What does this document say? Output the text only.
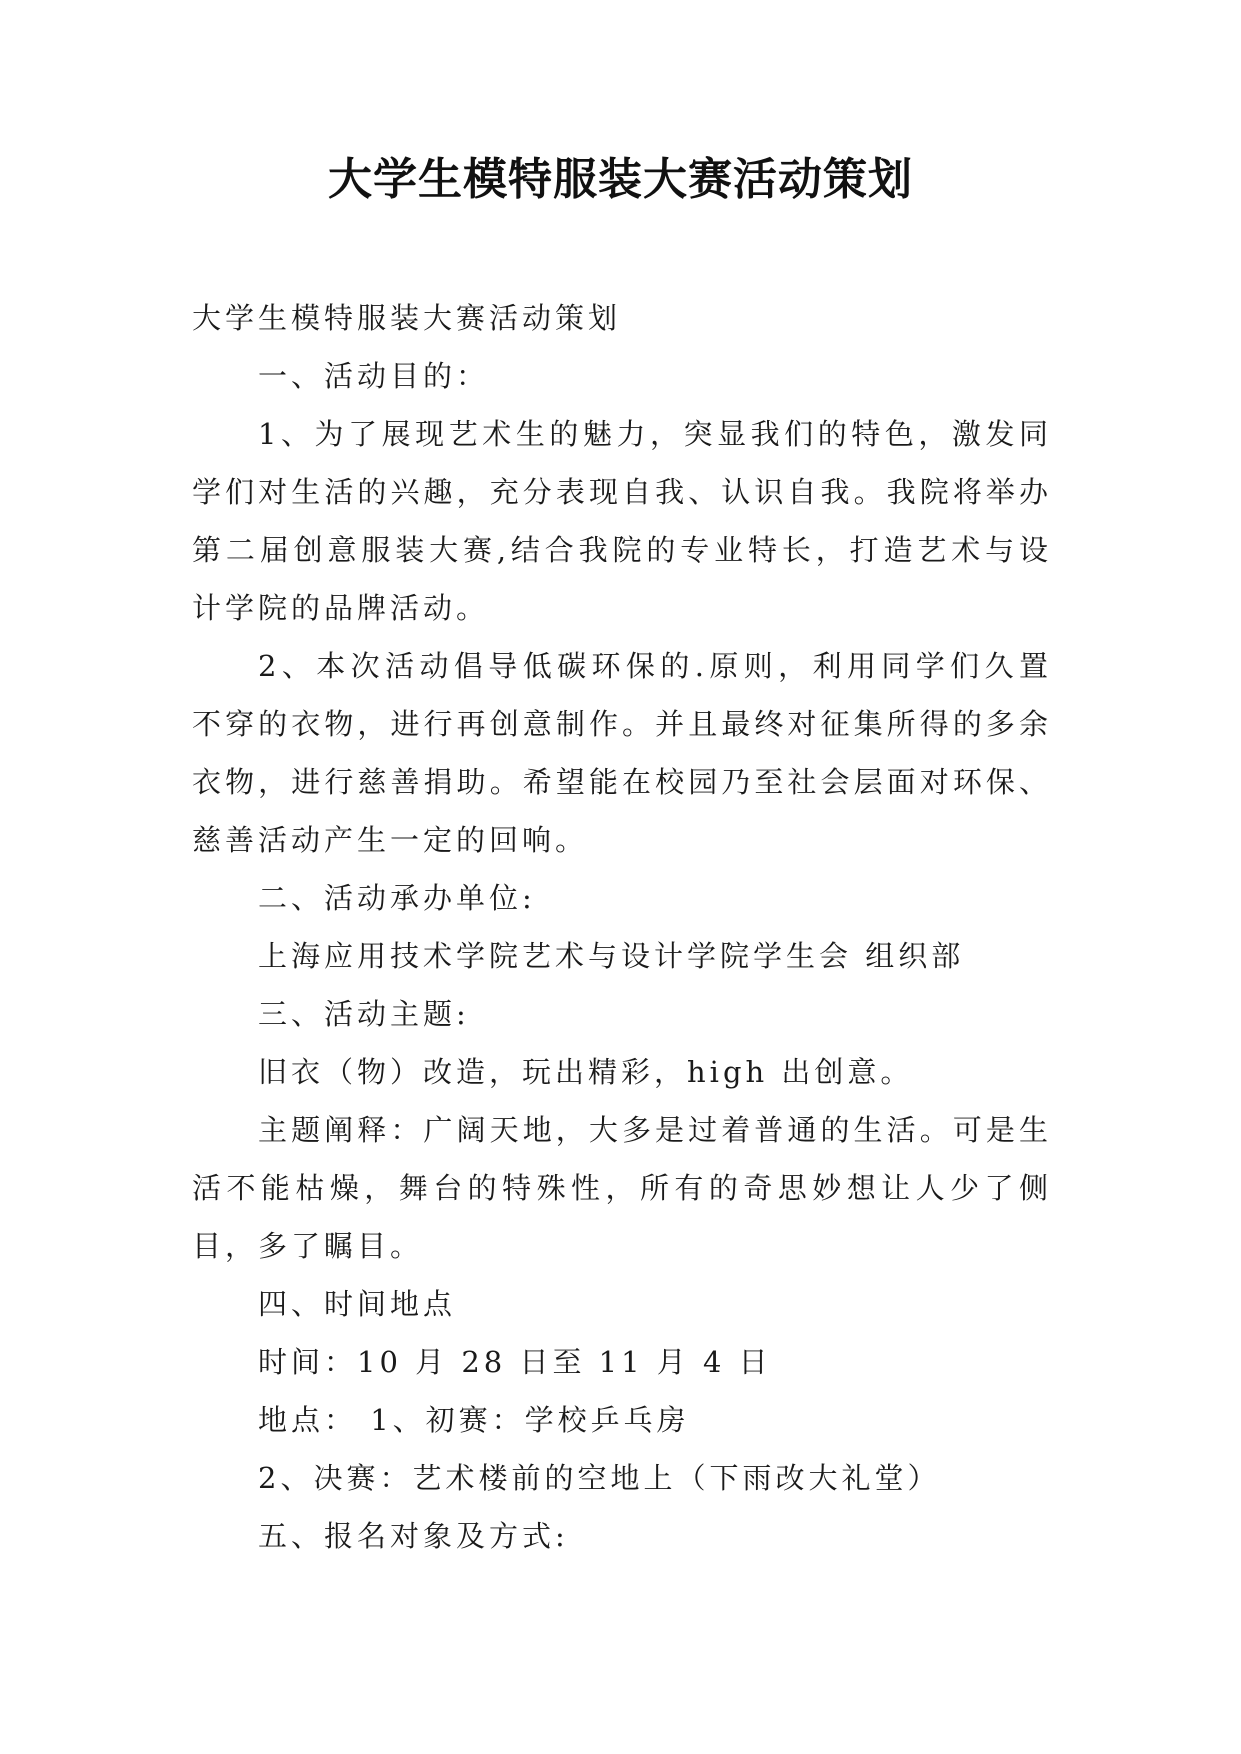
大学生模特服装大赛活动策划

大学生模特服装大赛活动策划

一、活动目的：

1、为了展现艺术生的魅力，突显我们的特色，激发同学们对生活的兴趣，充分表现自我、认识自我。我院将举办第二届创意服装大赛,结合我院的专业特长，打造艺术与设计学院的品牌活动。

2、本次活动倡导低碳环保的.原则，利用同学们久置不穿的衣物，进行再创意制作。并且最终对征集所得的多余衣物，进行慈善捐助。希望能在校园乃至社会层面对环保、慈善活动产生一定的回响。

二、活动承办单位:

上海应用技术学院艺术与设计学院学生会 组织部

三、活动主题:

旧衣（物）改造，玩出精彩，high 出创意。

主题阐释：广阔天地，大多是过着普通的生活。可是生活不能枯燥，舞台的特殊性，所有的奇思妙想让人少了侧目，多了瞩目。

四、时间地点

时间：10 月 28 日至 11 月 4 日

地点： 1、初赛：学校乒乓房

2、决赛：艺术楼前的空地上（下雨改大礼堂）

五、报名对象及方式:
